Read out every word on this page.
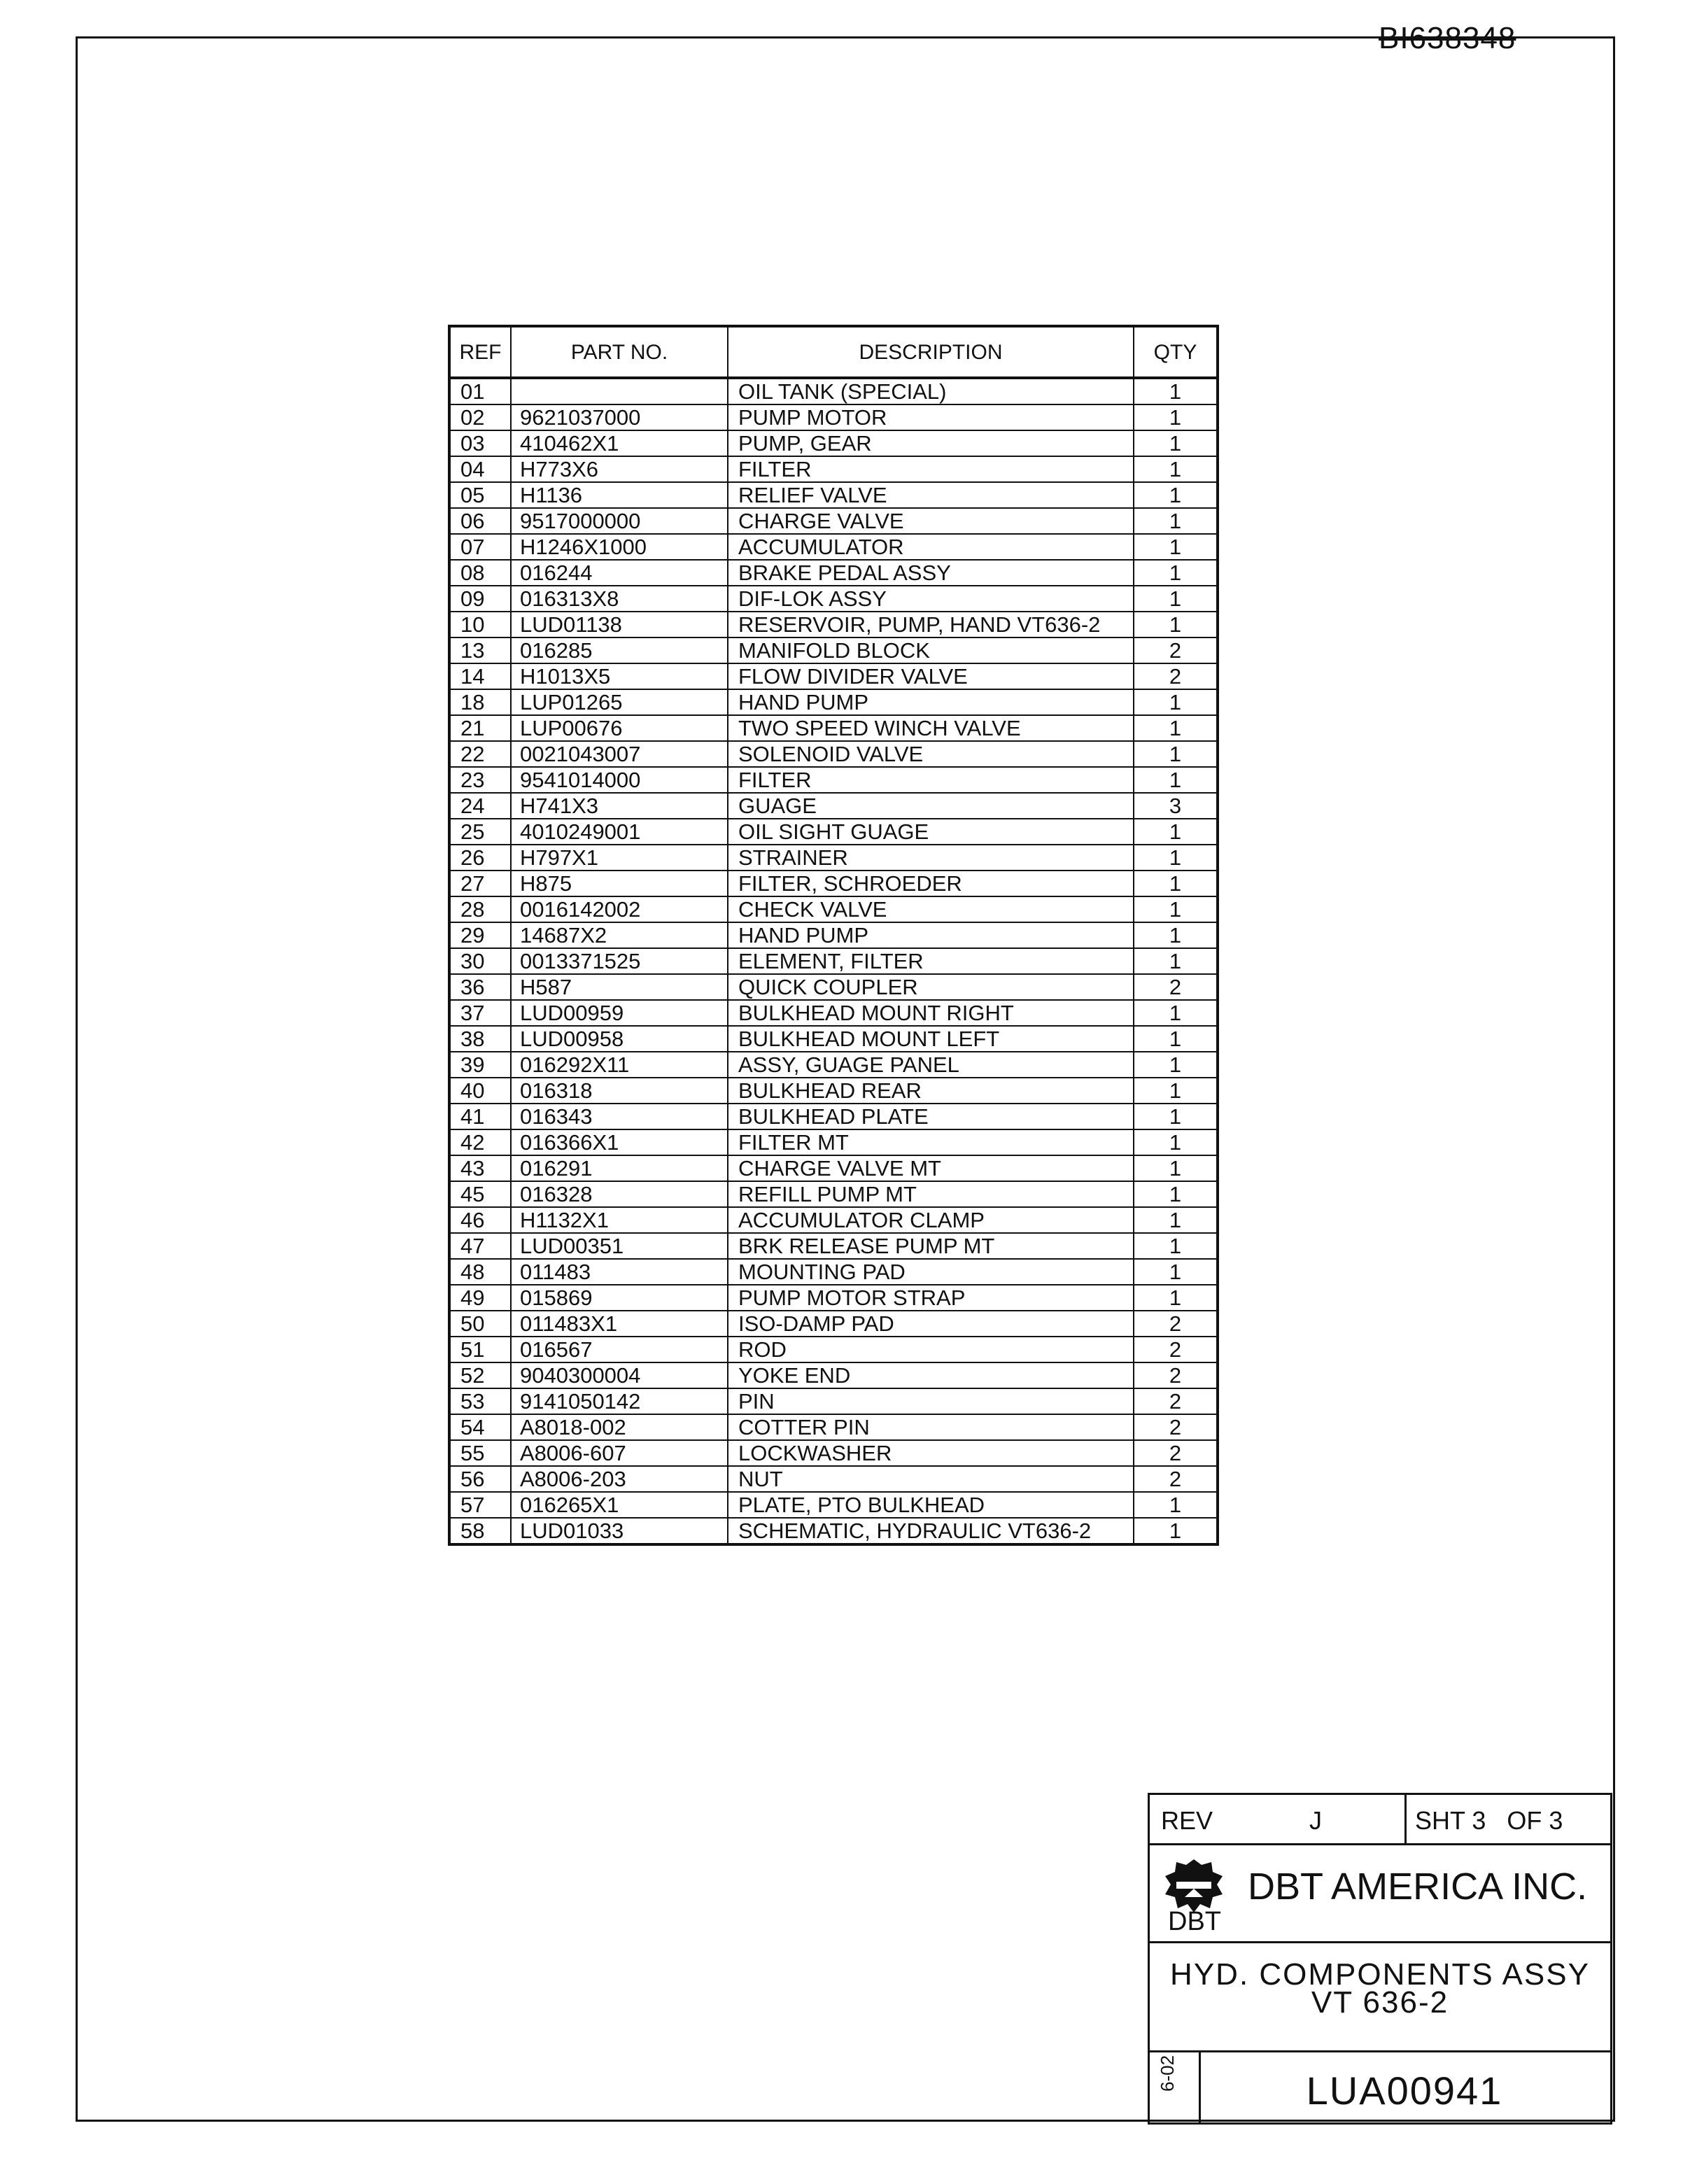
BI638348
REF	PART NO.	DESCRIPTION	QTY
01		OIL TANK (SPECIAL)	1
02	9621037000	PUMP MOTOR	1
03	410462X1	PUMP, GEAR	1
04	H773X6	FILTER	1
05	H1136	RELIEF VALVE	1
06	9517000000	CHARGE VALVE	1
07	H1246X1000	ACCUMULATOR	1
08	016244	BRAKE PEDAL ASSY	1
09	016313X8	DIF-LOK ASSY	1
10	LUD01138	RESERVOIR, PUMP, HAND VT636-2	1
13	016285	MANIFOLD BLOCK	2
14	H1013X5	FLOW DIVIDER VALVE	2
18	LUP01265	HAND PUMP	1
21	LUP00676	TWO SPEED WINCH VALVE	1
22	0021043007	SOLENOID VALVE	1
23	9541014000	FILTER	1
24	H741X3	GUAGE	3
25	4010249001	OIL SIGHT GUAGE	1
26	H797X1	STRAINER	1
27	H875	FILTER, SCHROEDER	1
28	0016142002	CHECK VALVE	1
29	14687X2	HAND PUMP	1
30	0013371525	ELEMENT, FILTER	1
36	H587	QUICK COUPLER	2
37	LUD00959	BULKHEAD MOUNT RIGHT	1
38	LUD00958	BULKHEAD MOUNT LEFT	1
39	016292X11	ASSY, GUAGE PANEL	1
40	016318	BULKHEAD REAR	1
41	016343	BULKHEAD PLATE	1
42	016366X1	FILTER MT	1
43	016291	CHARGE VALVE MT	1
45	016328	REFILL PUMP MT	1
46	H1132X1	ACCUMULATOR CLAMP	1
47	LUD00351	BRK RELEASE PUMP MT	1
48	011483	MOUNTING PAD	1
49	015869	PUMP MOTOR STRAP	1
50	011483X1	ISO-DAMP PAD	2
51	016567	ROD	2
52	9040300004	YOKE END	2
53	9141050142	PIN	2
54	A8018-002	COTTER PIN	2
55	A8006-607	LOCKWASHER	2
56	A8006-203	NUT	2
57	016265X1	PLATE, PTO BULKHEAD	1
58	LUD01033	SCHEMATIC, HYDRAULIC VT636-2	1
REV	J	SHT 3   OF 3
DBT
DBT AMERICA INC.
HYD. COMPONENTS ASSY
VT 636-2
6-02	LUA00941
